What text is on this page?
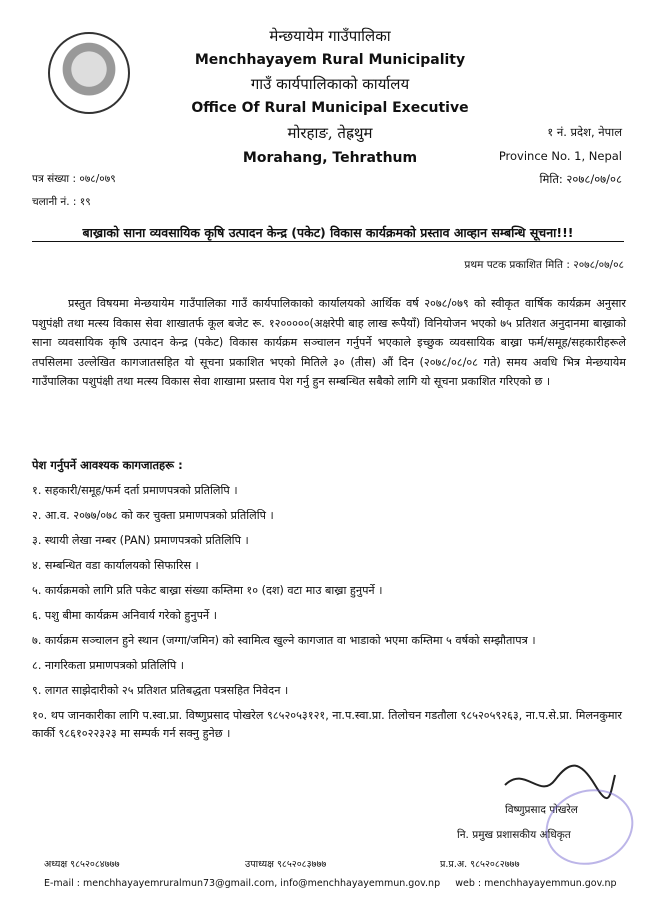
मेन्छयायेम गाउँपालिका
Menchhayayem Rural Municipality
गाउँ कार्यपालिकाको कार्यालय
Office Of Rural Municipal Executive
मोरहाङ, तेह्रथुम
Morahang, Tehrathum
१ नं. प्रदेश, नेपाल
Province No. 1, Nepal
मिति: २०७८/०७/०८
पत्र संख्या : ०७८/०७९
चलानी नं. : १९
बाख्राको साना व्यवसायिक कृषि उत्पादन केन्द्र (पकेट) विकास कार्यक्रमको प्रस्ताव आव्हान सम्बन्धि सूचना!!!
प्रथम पटक प्रकाशित मिति : २०७८/०७/०८
प्रस्तुत विषयमा मेन्छयायेम गाउँपालिका गाउँ कार्यपालिकाको कार्यालयको आर्थिक वर्ष २०७८/०७९ को स्वीकृत वार्षिक कार्यक्रम अनुसार पशुपंक्षी तथा मत्स्य विकास सेवा शाखातर्फ कूल बजेट रू. १२०००००(अक्षरेपी बाह लाख रूपैयाँ) विनियोजन भएको ७५ प्रतिशत अनुदानमा बाख्राको साना व्यवसायिक कृषि उत्पादन केन्द्र (पकेट) विकास कार्यक्रम सञ्चालन गर्नुपर्ने भएकाले इच्छुक व्यवसायिक बाख्रा फर्म/समूह/सहकारीहरूले तपसिलमा उल्लेखित कागजातसहित यो सूचना प्रकाशित भएको मितिले ३० (तीस) औं दिन (२०७८/०८/०८ गते) समय अवधि भित्र मेन्छयायेम गाउँपालिका पशुपंक्षी तथा मत्स्य विकास सेवा शाखामा प्रस्ताव पेश गर्नु हुन सम्बन्धित सबैको लागि यो सूचना प्रकाशित गरिएको छ ।
पेश गर्नुपर्ने आवश्यक कागजातहरू :
१. सहकारी/समूह/फर्म दर्ता प्रमाणपत्रको प्रतिलिपि ।
२. आ.व. २०७७/०७८ को कर चुक्ता प्रमाणपत्रको प्रतिलिपि ।
३. स्थायी लेखा नम्बर (PAN) प्रमाणपत्रको प्रतिलिपि ।
४. सम्बन्धित वडा कार्यालयको सिफारिस ।
५. कार्यक्रमको लागि प्रति पकेट बाख्रा संख्या कम्तिमा १० (दश) वटा माउ बाख्रा हुनुपर्ने ।
६. पशु बीमा कार्यक्रम अनिवार्य गरेको हुनुपर्ने ।
७. कार्यक्रम सञ्चालन हुने स्थान (जग्गा/जमिन) को स्वामित्व खुल्ने कागजात वा भाडाको भएमा कम्तिमा ५ वर्षको सम्झौतापत्र ।
८. नागरिकता प्रमाणपत्रको प्रतिलिपि ।
९. लागत साझेदारीको २५ प्रतिशत प्रतिबद्धता पत्रसहित निवेदन ।
१०. थप जानकारीका लागि प.स्वा.प्रा. विष्णुप्रसाद पोखरेल ९८५२०५३१२१, ना.प.स्वा.प्रा. तिलोचन गडतौला ९८५२०५९२६३, ना.प.से.प्रा. मिलनकुमार कार्की ९८६१०२२३२३ मा सम्पर्क गर्न सक्नु हुनेछ ।
विष्णुप्रसाद पोखरेल
नि. प्रमुख प्रशासकीय अधिकृत
अध्यक्ष ९८५२०८४७७७	उपाध्यक्ष ९८५२०८३७७७	प्र.प्र.अ. ९८५२०८२७७७
E-mail : menchhayayemruralmun73@gmail.com, info@menchhayayemmun.gov.np     web : menchhayayemmun.gov.np
